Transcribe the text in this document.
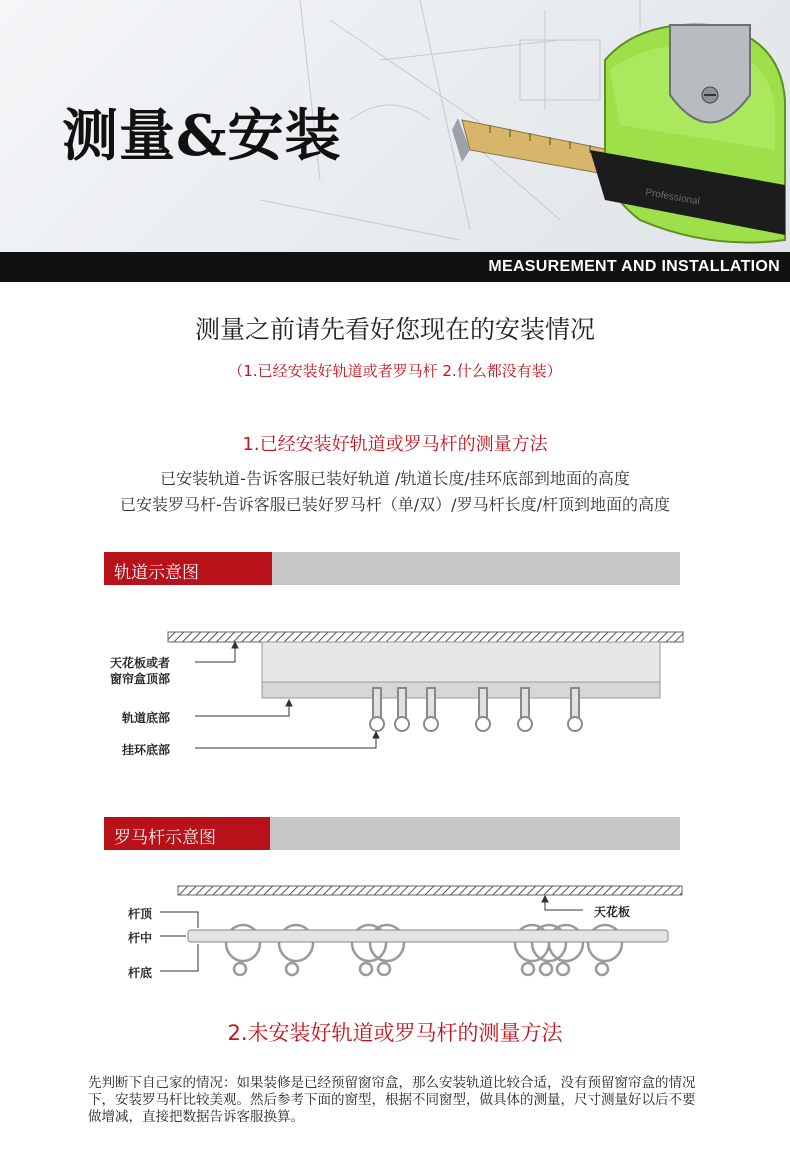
Professional
测量&安装
MEASUREMENT AND INSTALLATION
测量之前请先看好您现在的安装情况
（1.已经安装好轨道或者罗马杆 2.什么都没有装）
1.已经安装好轨道或罗马杆的测量方法
已安装轨道-告诉客服已装好轨道 /轨道长度/挂环底部到地面的高度
已安装罗马杆-告诉客服已装好罗马杆（单/双）/罗马杆长度/杆顶到地面的高度
轨道示意图
天花板或者
窗帘盒顶部
轨道底部
挂环底部
罗马杆示意图
杆顶
杆中
杆底
天花板
2.未安装好轨道或罗马杆的测量方法
先判断下自己家的情况：如果装修是已经预留窗帘盒，那么安装轨道比较合适，没有预留窗帘盒的情况下，安装罗马杆比较美观。然后参考下面的窗型，根据不同窗型，做具体的测量，尺寸测量好以后不要做增减，直接把数据告诉客服换算。
